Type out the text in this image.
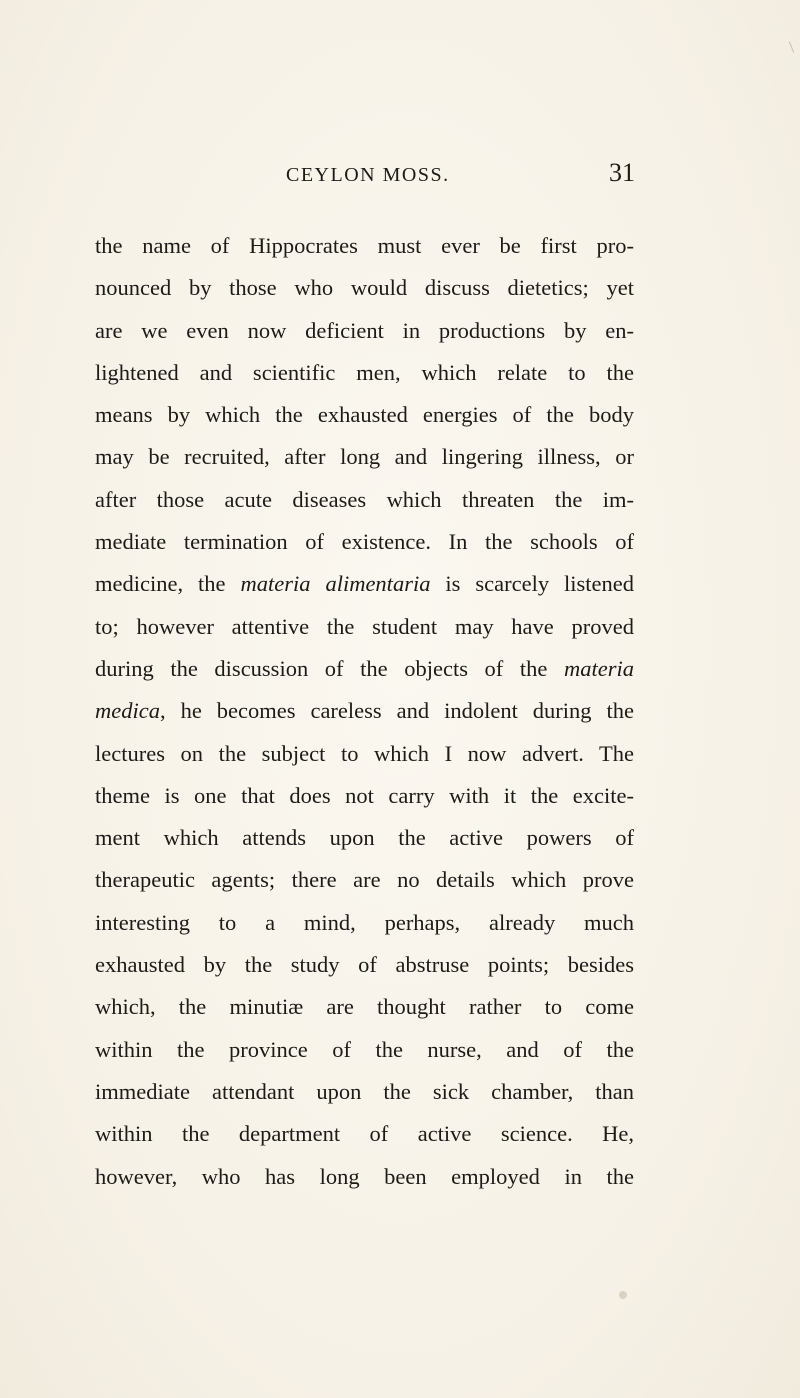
CEYLON MOSS.	31
the name of Hippocrates must ever be first pro-
nounced by those who would discuss dietetics; yet
are we even now deficient in productions by en-
lightened and scientific men, which relate to the
means by which the exhausted energies of the body
may be recruited, after long and lingering illness, or
after those acute diseases which threaten the im-
mediate termination of existence. In the schools of
medicine, the materia alimentaria is scarcely listened
to; however attentive the student may have proved
during the discussion of the objects of the materia
medica, he becomes careless and indolent during the
lectures on the subject to which I now advert. The
theme is one that does not carry with it the excite-
ment which attends upon the active powers of
therapeutic agents; there are no details which prove
interesting to a mind, perhaps, already much
exhausted by the study of abstruse points; besides
which, the minutiæ are thought rather to come
within the province of the nurse, and of the
immediate attendant upon the sick chamber, than
within the department of active science. He,
however, who has long been employed in the
